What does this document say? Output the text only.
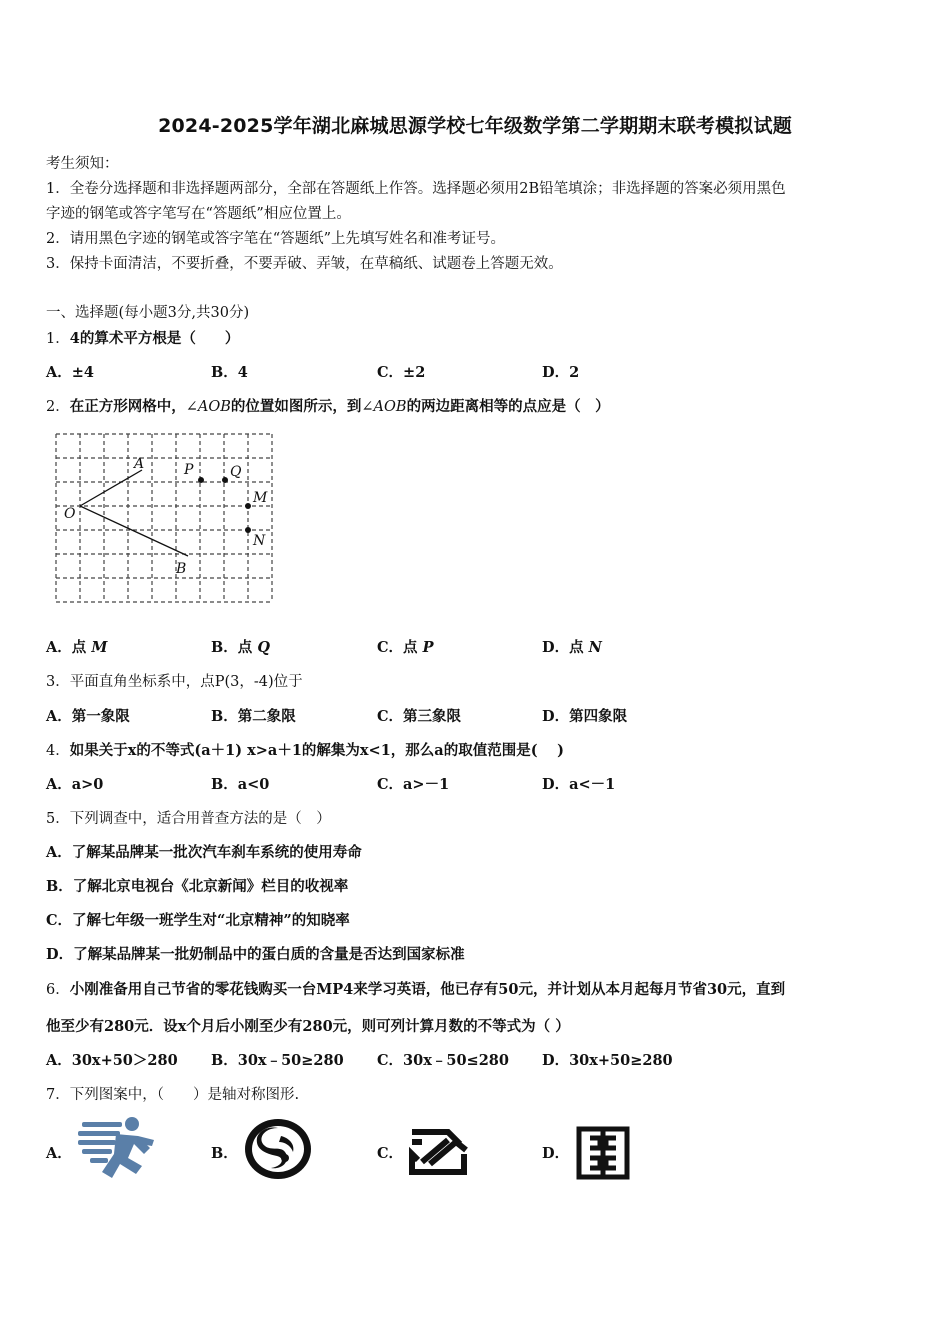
2024-2025学年湖北麻城思源学校七年级数学第二学期期末联考模拟试题
考生须知：
1．全卷分选择题和非选择题两部分，全部在答题纸上作答。选择题必须用2B铅笔填涂；非选择题的答案必须用黑色
字迹的钢笔或答字笔写在“答题纸”相应位置上。
2．请用黑色字迹的钢笔或答字笔在“答题纸”上先填写姓名和准考证号。
3．保持卡面清洁，不要折叠，不要弄破、弄皱，在草稿纸、试题卷上答题无效。
一、选择题(每小题3分,共30分)
1．4的算术平方根是（　　）
A．±4	B．4	C．±2	D．2
2．在正方形网格中，∠AOB的位置如图所示，到∠AOB的两边距离相等的点应是（　）
A	P	Q
M
O
N
B
A．点 M	B．点 Q	C．点 P	D．点 N
3．平面直角坐标系中，点P(3，-4)位于
A．第一象限	B．第二象限	C．第三象限	D．第四象限
4．如果关于x的不等式(a＋1) x>a＋1的解集为x<1，那么a的取值范围是(　 )
A．a>0	B．a<0	C．a>－1	D．a<－1
5．下列调查中，适合用普查方法的是（　）
A．了解某品牌某一批次汽车刹车系统的使用寿命
B．了解北京电视台《北京新闻》栏目的收视率
C．了解七年级一班学生对“北京精神”的知晓率
D．了解某品牌某一批奶制品中的蛋白质的含量是否达到国家标准
6．小刚准备用自己节省的零花钱购买一台MP4来学习英语，他已存有50元，并计划从本月起每月节省30元，直到
他至少有280元．设x个月后小刚至少有280元，则可列计算月数的不等式为（ ）
A．30x+50＞280 B．30x﹣50≥280 C．30x﹣50≤280 D．30x+50≥280
7．下列图案中，（　　）是轴对称图形.
A．	B．	C．	D．
